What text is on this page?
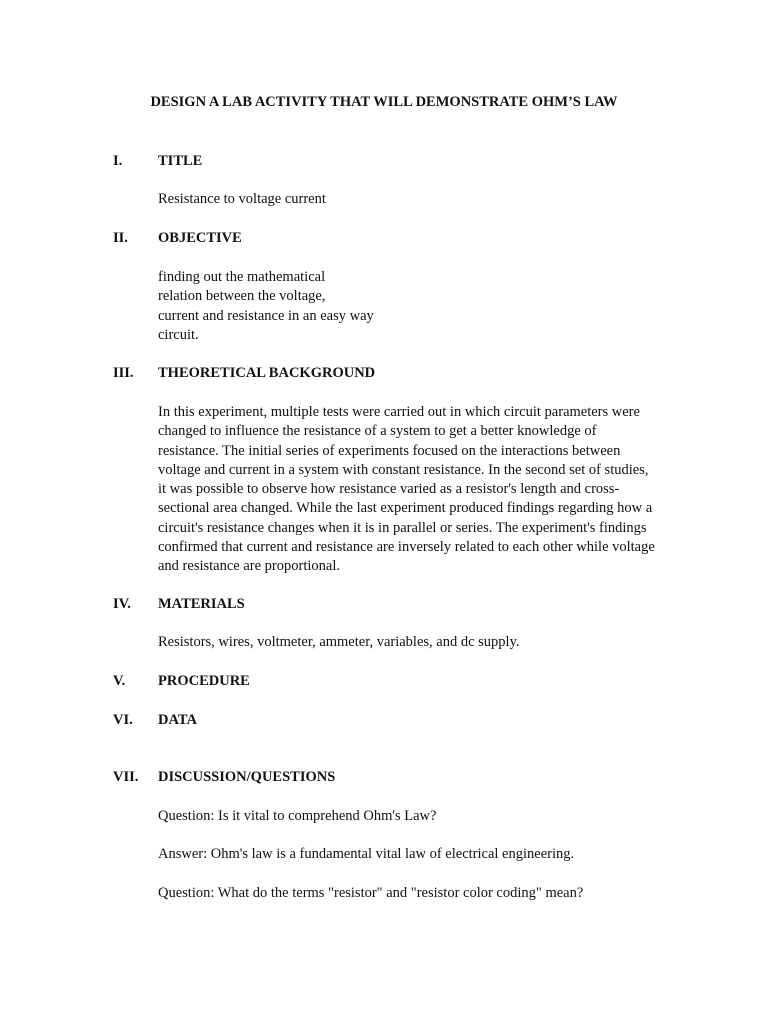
DESIGN A LAB ACTIVITY THAT WILL DEMONSTRATE OHM’S LAW
I. TITLE
Resistance to voltage current
II. OBJECTIVE
finding out the mathematical
relation between the voltage,
current and resistance in an easy way
circuit.
III. THEORETICAL BACKGROUND
In this experiment, multiple tests were carried out in which circuit parameters were
changed to influence the resistance of a system to get a better knowledge of
resistance. The initial series of experiments focused on the interactions between
voltage and current in a system with constant resistance. In the second set of studies,
it was possible to observe how resistance varied as a resistor's length and cross-
sectional area changed. While the last experiment produced findings regarding how a
circuit's resistance changes when it is in parallel or series. The experiment's findings
confirmed that current and resistance are inversely related to each other while voltage
and resistance are proportional.
IV. MATERIALS
Resistors, wires, voltmeter, ammeter, variables, and dc supply.
V. PROCEDURE
VI. DATA
VII. DISCUSSION/QUESTIONS
Question: Is it vital to comprehend Ohm's Law?
Answer: Ohm's law is a fundamental vital law of electrical engineering.
Question: What do the terms "resistor" and "resistor color coding" mean?
